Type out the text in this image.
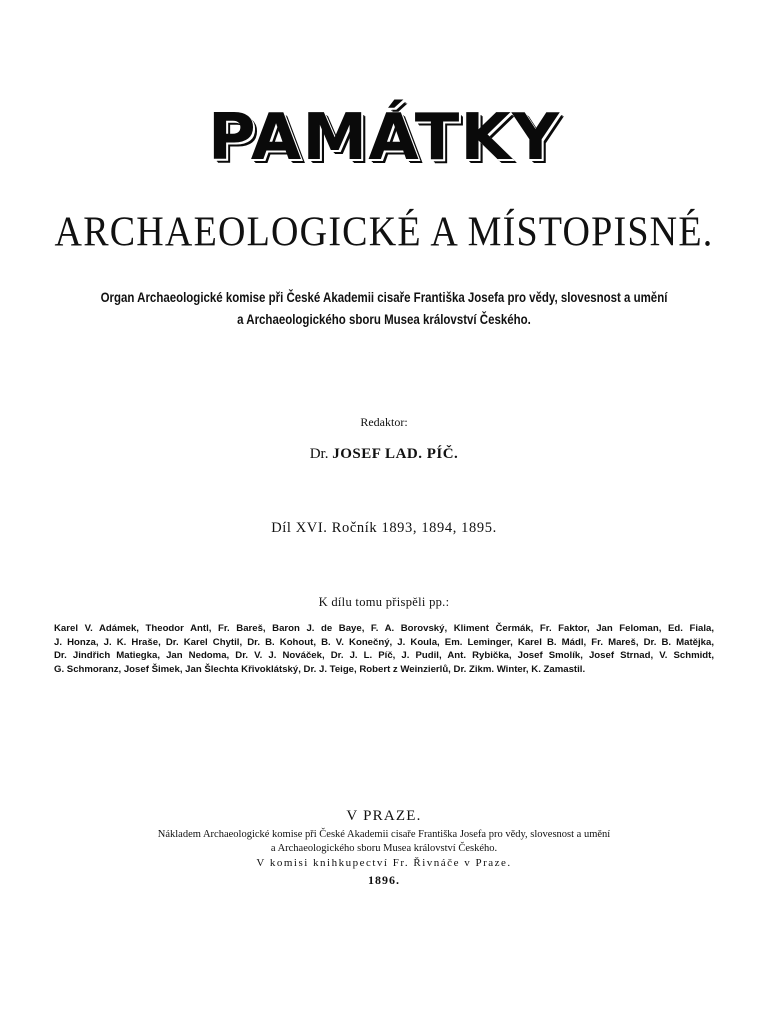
PAMÁTKY
ARCHAEOLOGICKÉ A MÍSTOPISNÉ.
Organ Archaeologické komise při České Akademii cisaře Františka Josefa pro vědy, slovesnost a umění
a Archaeologického sboru Musea království Českého.
Redaktor:
Dr. JOSEF LAD. PÍČ.
Díl XVI. Ročník 1893, 1894, 1895.
K dílu tomu přispěli pp.:
Karel V. Adámek, Theodor Antl, Fr. Bareš, Baron J. de Baye, F. A. Borovský, Kliment Čermák, Fr. Faktor, Jan Feloman, Ed. Fiala,
J. Honza, J. K. Hraše, Dr. Karel Chytil, Dr. B. Kohout, B. V. Konečný, J. Koula, Em. Leminger, Karel B. Mádl, Fr. Mareš, Dr. B. Matějka,
Dr. Jindřich Matiegka, Jan Nedoma, Dr. V. J. Nováček, Dr. J. L. Píč, J. Pudil, Ant. Rybička, Josef Smolík, Josef Strnad, V. Schmidt,
G. Schmoranz, Josef Šimek, Jan Šlechta Křivoklátský, Dr. J. Teige, Robert z Weinzierlů, Dr. Zikm. Winter, K. Zamastil.
V PRAZE.
Nákladem Archaeologické komise při České Akademii cisaře Františka Josefa pro vědy, slovesnost a umění
a Archaeologického sboru Musea království Českého.
V komisi knihkupectví Fr. Řivnáče v Praze.
1896.
